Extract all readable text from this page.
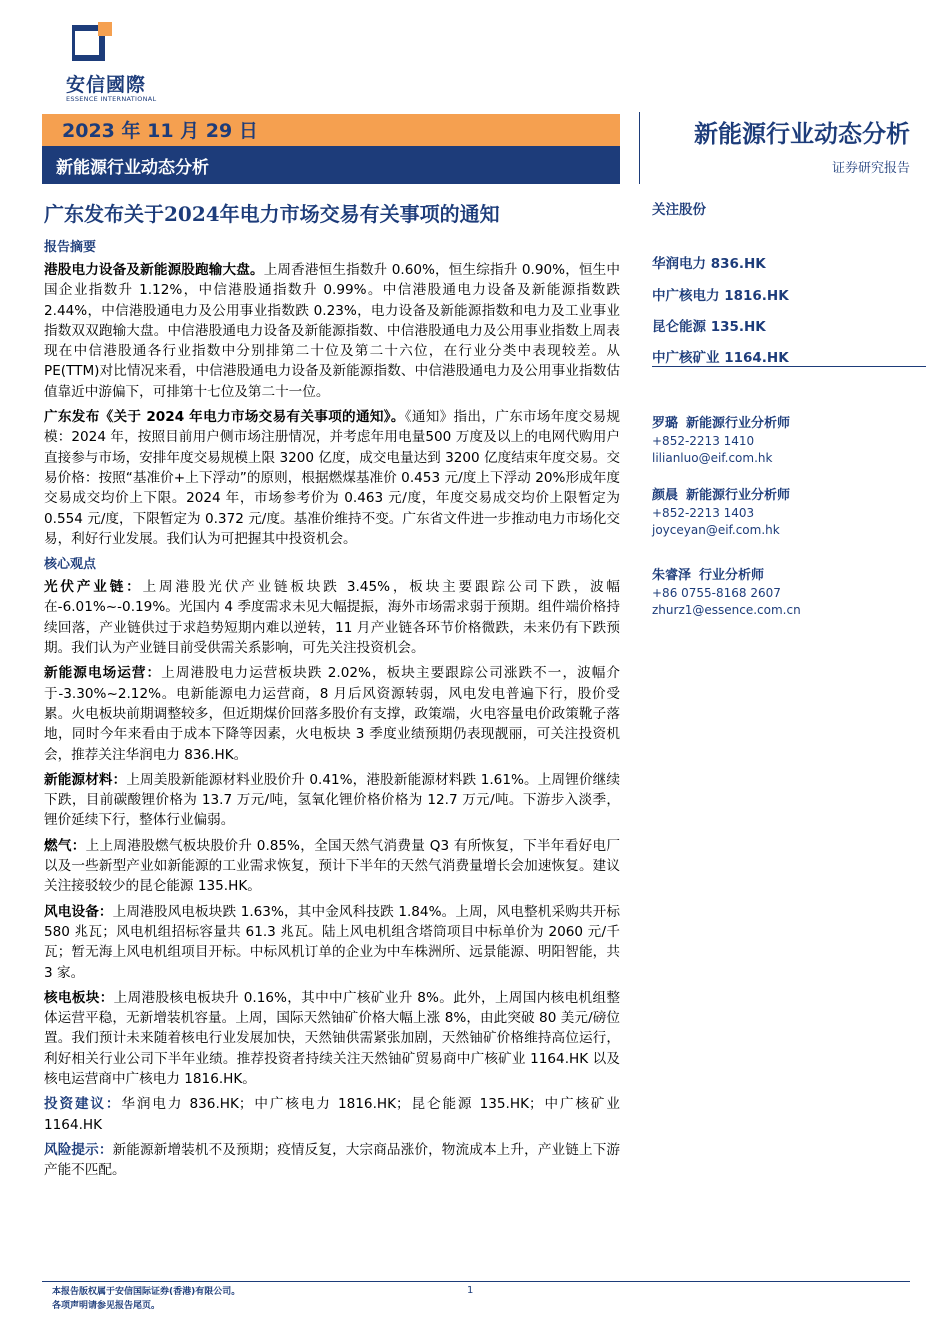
安信國際
ESSENCE INTERNATIONAL
2023 年 11 月 29 日
新能源行业动态分析
新能源行业动态分析
证券研究报告
广东发布关于2024年电力市场交易有关事项的通知
报告摘要
港股电力设备及新能源股跑输大盘。上周香港恒生指数升 0.60%，恒生综指升 0.90%，恒生中国企业指数升 1.12%，中信港股通指数升 0.99%。中信港股通电力设备及新能源指数跌 2.44%，中信港股通电力及公用事业指数跌 0.23%，电力设备及新能源指数和电力及工业事业指数双双跑输大盘。中信港股通电力设备及新能源指数、中信港股通电力及公用事业指数上周表现在中信港股通各行业指数中分别排第二十位及第二十六位，在行业分类中表现较差。从 PE(TTM)对比情况来看，中信港股通电力设备及新能源指数、中信港股通电力及公用事业指数估值靠近中游偏下，可排第十七位及第二十一位。
广东发布《关于 2024 年电力市场交易有关事项的通知》。《通知》指出，广东市场年度交易规模：2024 年，按照目前用户侧市场注册情况，并考虑年用电量500 万度及以上的电网代购用户直接参与市场，安排年度交易规模上限 3200 亿度，成交电量达到 3200 亿度结束年度交易。交易价格：按照“基准价+上下浮动”的原则，根据燃煤基准价 0.453 元/度上下浮动 20%形成年度交易成交均价上下限。2024 年，市场参考价为 0.463 元/度，年度交易成交均价上限暂定为 0.554 元/度，下限暂定为 0.372 元/度。基准价维持不变。广东省文件进一步推动电力市场化交易，利好行业发展。我们认为可把握其中投资机会。
核心观点
光伏产业链：上周港股光伏产业链板块跌 3.45%，板块主要跟踪公司下跌，波幅在-6.01%~-0.19%。光国内 4 季度需求未见大幅提振，海外市场需求弱于预期。组件端价格持续回落，产业链供过于求趋势短期内难以逆转，11 月产业链各环节价格微跌，未来仍有下跌预期。我们认为产业链目前受供需关系影响，可先关注投资机会。
新能源电场运营：上周港股电力运营板块跌 2.02%，板块主要跟踪公司涨跌不一，波幅介于-3.30%~2.12%。电新能源电力运营商，8 月后风资源转弱，风电发电普遍下行，股价受累。火电板块前期调整较多，但近期煤价回落多股价有支撑，政策端，火电容量电价政策靴子落地，同时今年来看由于成本下降等因素，火电板块 3 季度业绩预期仍表现靓丽，可关注投资机会，推荐关注华润电力 836.HK。
新能源材料：上周美股新能源材料业股价升 0.41%，港股新能源材料跌 1.61%。上周锂价继续下跌，目前碳酸锂价格为 13.7 万元/吨，氢氧化锂价格价格为 12.7 万元/吨。下游步入淡季，锂价延续下行，整体行业偏弱。
燃气：上上周港股燃气板块股价升 0.85%，全国天然气消费量 Q3 有所恢复，下半年看好电厂以及一些新型产业如新能源的工业需求恢复，预计下半年的天然气消费量增长会加速恢复。建议关注接驳较少的昆仑能源 135.HK。
风电设备：上周港股风电板块跌 1.63%，其中金风科技跌 1.84%。上周，风电整机采购共开标 580 兆瓦；风电机组招标容量共 61.3 兆瓦。陆上风电机组含塔筒项目中标单价为 2060 元/千瓦；暂无海上风电机组项目开标。中标风机订单的企业为中车株洲所、远景能源、明阳智能，共 3 家。
核电板块：上周港股核电板块升 0.16%，其中中广核矿业升 8%。此外，上周国内核电机组整体运营平稳，无新增装机容量。上周，国际天然铀矿价格大幅上涨 8%，由此突破 80 美元/磅位置。我们预计未来随着核电行业发展加快，天然铀供需紧张加剧，天然铀矿价格维持高位运行，利好相关行业公司下半年业绩。推荐投资者持续关注天然铀矿贸易商中广核矿业 1164.HK 以及核电运营商中广核电力 1816.HK。
投资建议：华润电力 836.HK；中广核电力 1816.HK；昆仑能源 135.HK；中广核矿业 1164.HK
风险提示：新能源新增装机不及预期；疫情反复，大宗商品涨价，物流成本上升，产业链上下游产能不匹配。
关注股份
华润电力 836.HK
中广核电力 1816.HK
昆仑能源 135.HK
中广核矿业 1164.HK
罗璐 新能源行业分析师
+852-2213 1410
lilianluo@eif.com.hk
颜晨 新能源行业分析师
+852-2213 1403
joyceyan@eif.com.hk
朱睿泽 行业分析师
+86 0755-8168 2607
zhurz1@essence.com.cn
本报告版权属于安信国际证券(香港)有限公司。
各项声明请参见报告尾页。
1
